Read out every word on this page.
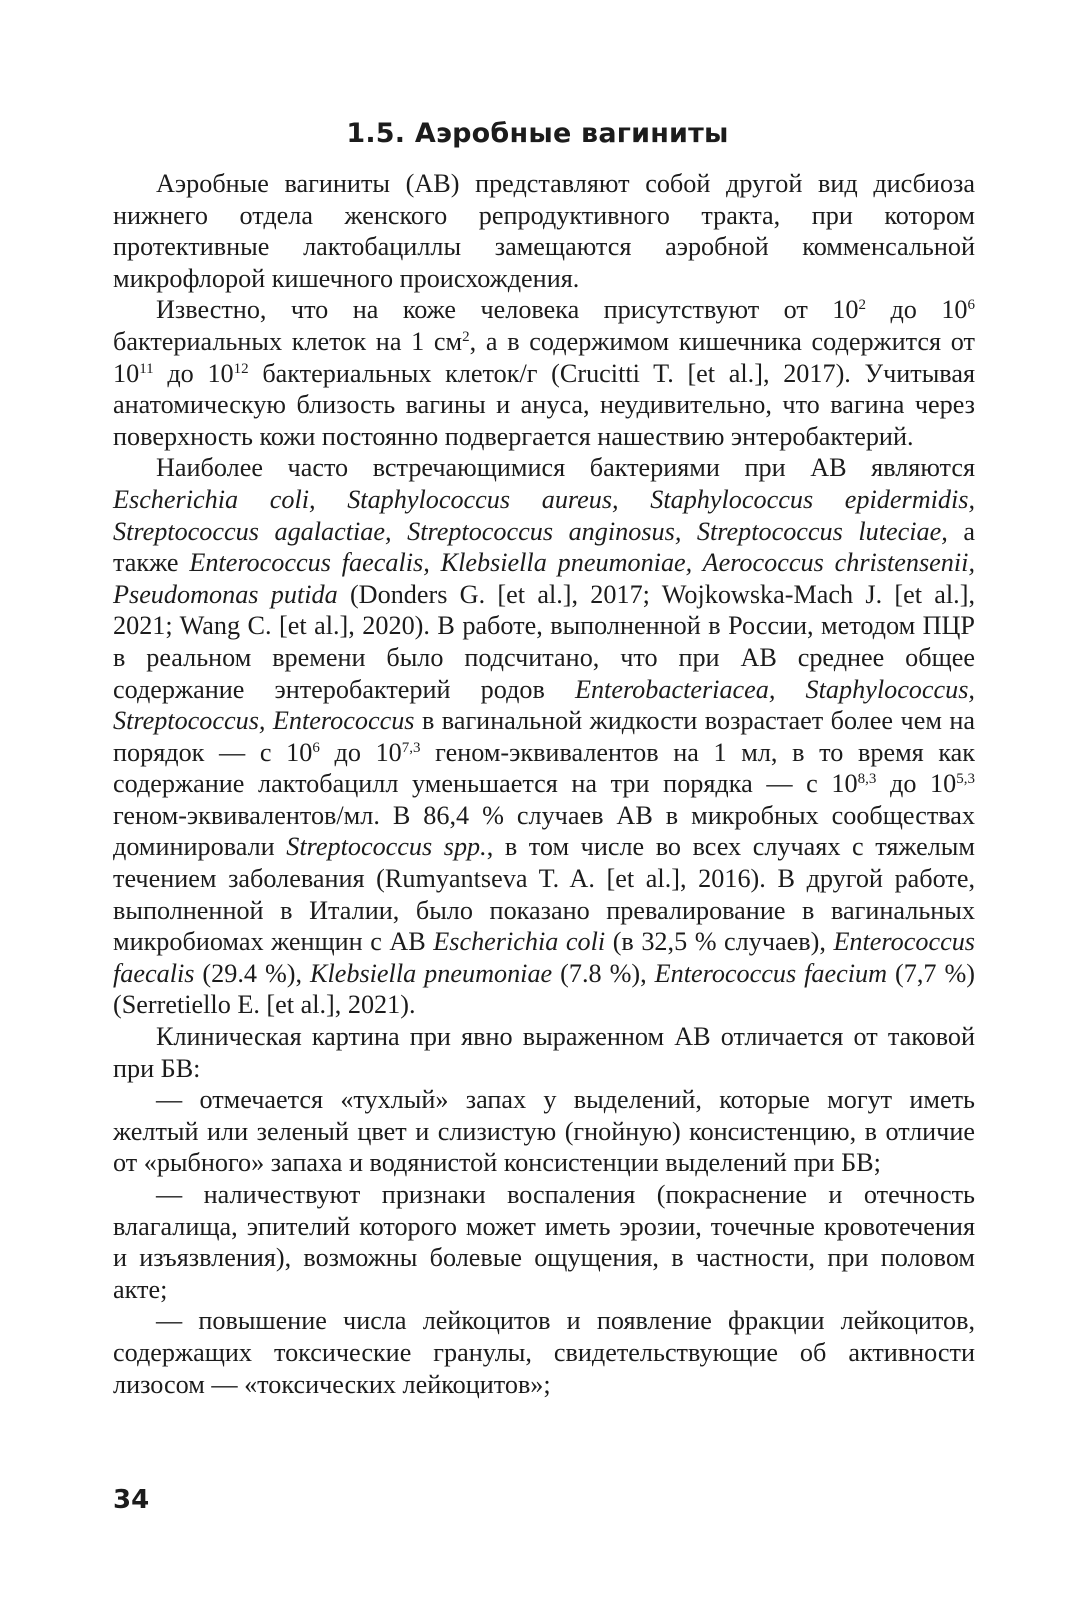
1.5. Аэробные вагиниты

Аэробные вагиниты (АВ) представляют собой другой вид дисбиоза нижнего отдела женского репродуктивного тракта, при котором протективные лактобациллы замещаются аэробной комменсальной микрофлорой кишечного происхождения.

Известно, что на коже человека присутствуют от $10^2$ до $10^6$ бактериальных клеток на 1 $см^2$, а в содержимом кишечника содержится от $10^{11}$ до $10^{12}$ бактериальных клеток/г (Crucitti T. [et al.], 2017). Учитывая анатомическую близость вагины и ануса, неудивительно, что вагина через поверхность кожи постоянно подвергается нашествию энтеробактерий.

Наиболее часто встречающимися бактериями при АВ являются Escherichia coli, Staphylococcus aureus, Staphylococcus epidermidis, Streptococcus agalactiae, Streptococcus anginosus, Streptococcus luteciae, а также Enterococcus faecalis, Klebsiella pneumoniae, Aerococcus christensenii, Pseudomonas putida (Donders G. [et al.], 2017; Wojkowska-Mach J. [et al.], 2021; Wang C. [et al.], 2020). В работе, выполненной в России, методом ПЦР в реальном времени было подсчитано, что при АВ среднее общее содержание энтеробактерий родов Enterobacteriacea, Staphylococcus, Streptococcus, Enterococcus в вагинальной жидкости возрастает более чем на порядок — с $10^6$ до 10$^{7,3}$ геном-эквивалентов на 1 мл, в то время как содержание лактобацилл уменьшается на три порядка — с 10$^{8,3}$ до 10$^{5,3}$ геном-эквивалентов/мл. В 86,4 % случаев АВ в микробных сообществах доминировали Streptococcus spp., в том числе во всех случаях с тяжелым течением заболевания (Rumyantseva T. A. [et al.], 2016). В другой работе, выполненной в Италии, было показано превалирование в вагинальных микробиомах женщин с АВ Escherichia coli (в 32,5 % случаев), Enterococcus faecalis (29.4 %), Klebsiella pneumoniae (7.8 %), Enterococcus faecium (7,7 %) (Serretiello E. [et al.], 2021).

Клиническая картина при явно выраженном АВ отличается от таковой при БВ:

— отмечается «тухлый» запах у выделений, которые могут иметь желтый или зеленый цвет и слизистую (гнойную) консистенцию, в отличие от «рыбного» запаха и водянистой консистенции выделений при БВ;

— наличествуют признаки воспаления (покраснение и отечность влагалища, эпителий которого может иметь эрозии, точечные кровотечения и изъязвления), возможны болевые ощущения, в частности, при половом акте;

— повышение числа лейкоцитов и появление фракции лейкоцитов, содержащих токсические гранулы, свидетельствующие об активности лизосом — «токсических лейкоцитов»;

34
